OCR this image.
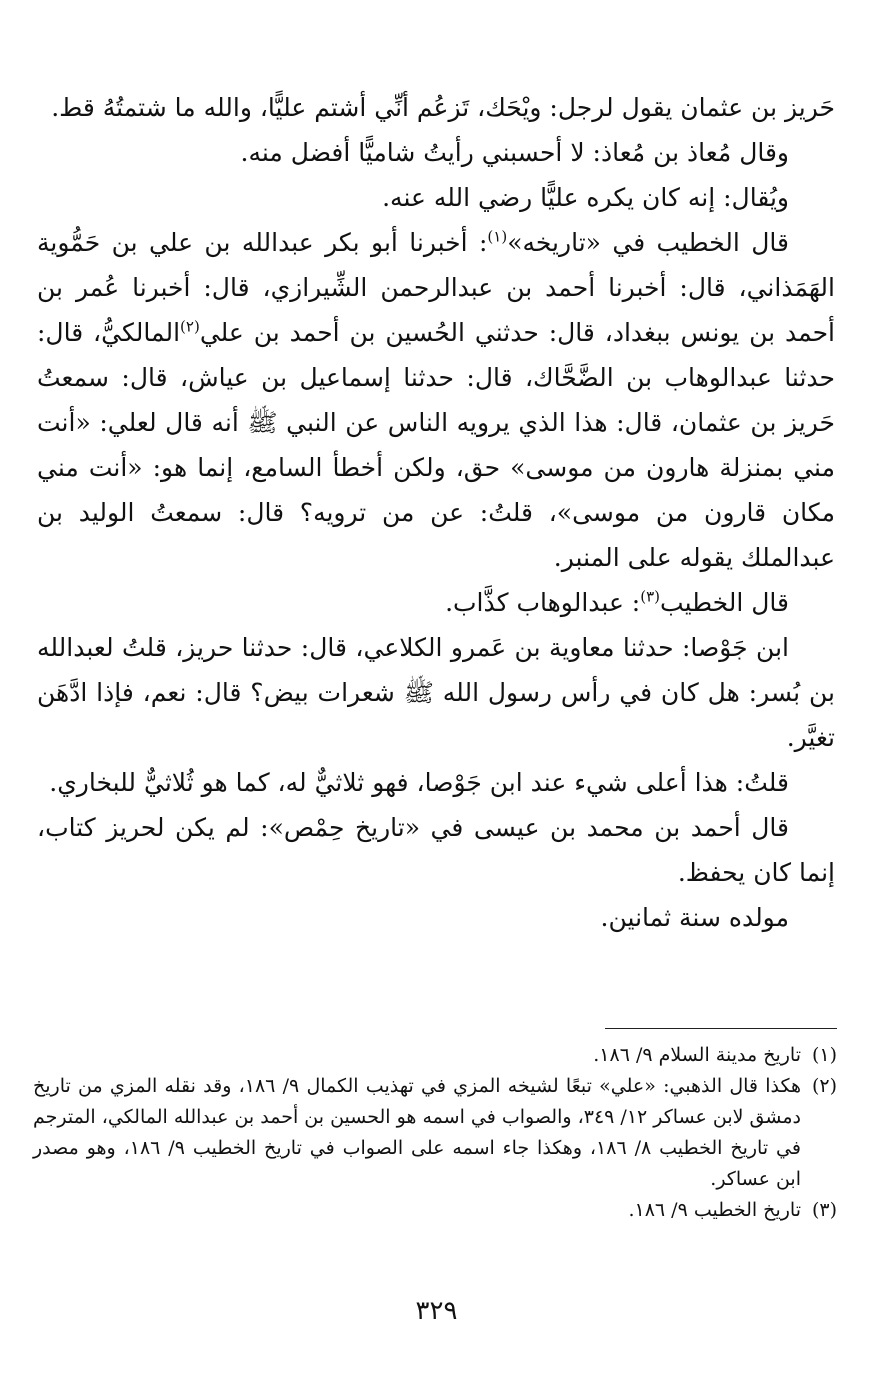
حَريز بن عثمان يقول لرجل: ويْحَك، تَزعُم أنِّي أشتم عليًّا، والله ما شتمتُهُ قط.

وقال مُعاذ بن مُعاذ: لا أحسبني رأيتُ شاميًّا أفضل منه.

ويُقال: إنه كان يكره عليًّا رضي الله عنه.

قال الخطيب في «تاريخه»$^{(١)}$: أخبرنا أبو بكر عبدالله بن علي بن حَمُّوية الهَمَذاني، قال: أخبرنا أحمد بن عبدالرحمن الشِّيرازي، قال: أخبرنا عُمر بن أحمد بن يونس ببغداد، قال: حدثني الحُسين بن أحمد بن علي$^{(٢)}$المالكيُّ، قال: حدثنا عبدالوهاب بن الضَّحَّاك، قال: حدثنا إسماعيل بن عياش، قال: سمعتُ حَريز بن عثمان، قال: هذا الذي يرويه الناس عن النبي ﷺ أنه قال لعلي: «أنت مني بمنزلة هارون من موسى» حق، ولكن أخطأ السامع، إنما هو: «أنت مني مكان قارون من موسى»، قلتُ: عن من ترويه؟ قال: سمعتُ الوليد بن عبدالملك يقوله على المنبر.

قال الخطيب$^{(٣)}$: عبدالوهاب كذَّاب.

ابن جَوْصا: حدثنا معاوية بن عَمرو الكلاعي، قال: حدثنا حريز، قلتُ لعبدالله بن بُسر: هل كان في رأس رسول الله ﷺ شعرات بيض؟ قال: نعم، فإذا ادَّهَن تغيَّر.

قلتُ: هذا أعلى شيء عند ابن جَوْصا، فهو ثلاثيٌّ له، كما هو ثُلاثيٌّ للبخاري.

قال أحمد بن محمد بن عيسى في «تاريخ حِمْص»: لم يكن لحريز كتاب، إنما كان يحفظ.

مولده سنة ثمانين.

(١)
تاريخ مدينة السلام ٩/ ١٨٦.
(٢)
هكذا قال الذهبي: «علي» تبعًا لشيخه المزي في تهذيب الكمال ٩/ ١٨٦، وقد نقله المزي من تاريخ دمشق لابن عساكر ١٢/ ٣٤٩، والصواب في اسمه هو الحسين بن أحمد بن عبدالله المالكي، المترجم في تاريخ الخطيب ٨/ ١٨٦، وهكذا جاء اسمه على الصواب في تاريخ الخطيب ٩/ ١٨٦، وهو مصدر ابن عساكر.
(٣)
تاريخ الخطيب ٩/ ١٨٦.
٣٢٩
